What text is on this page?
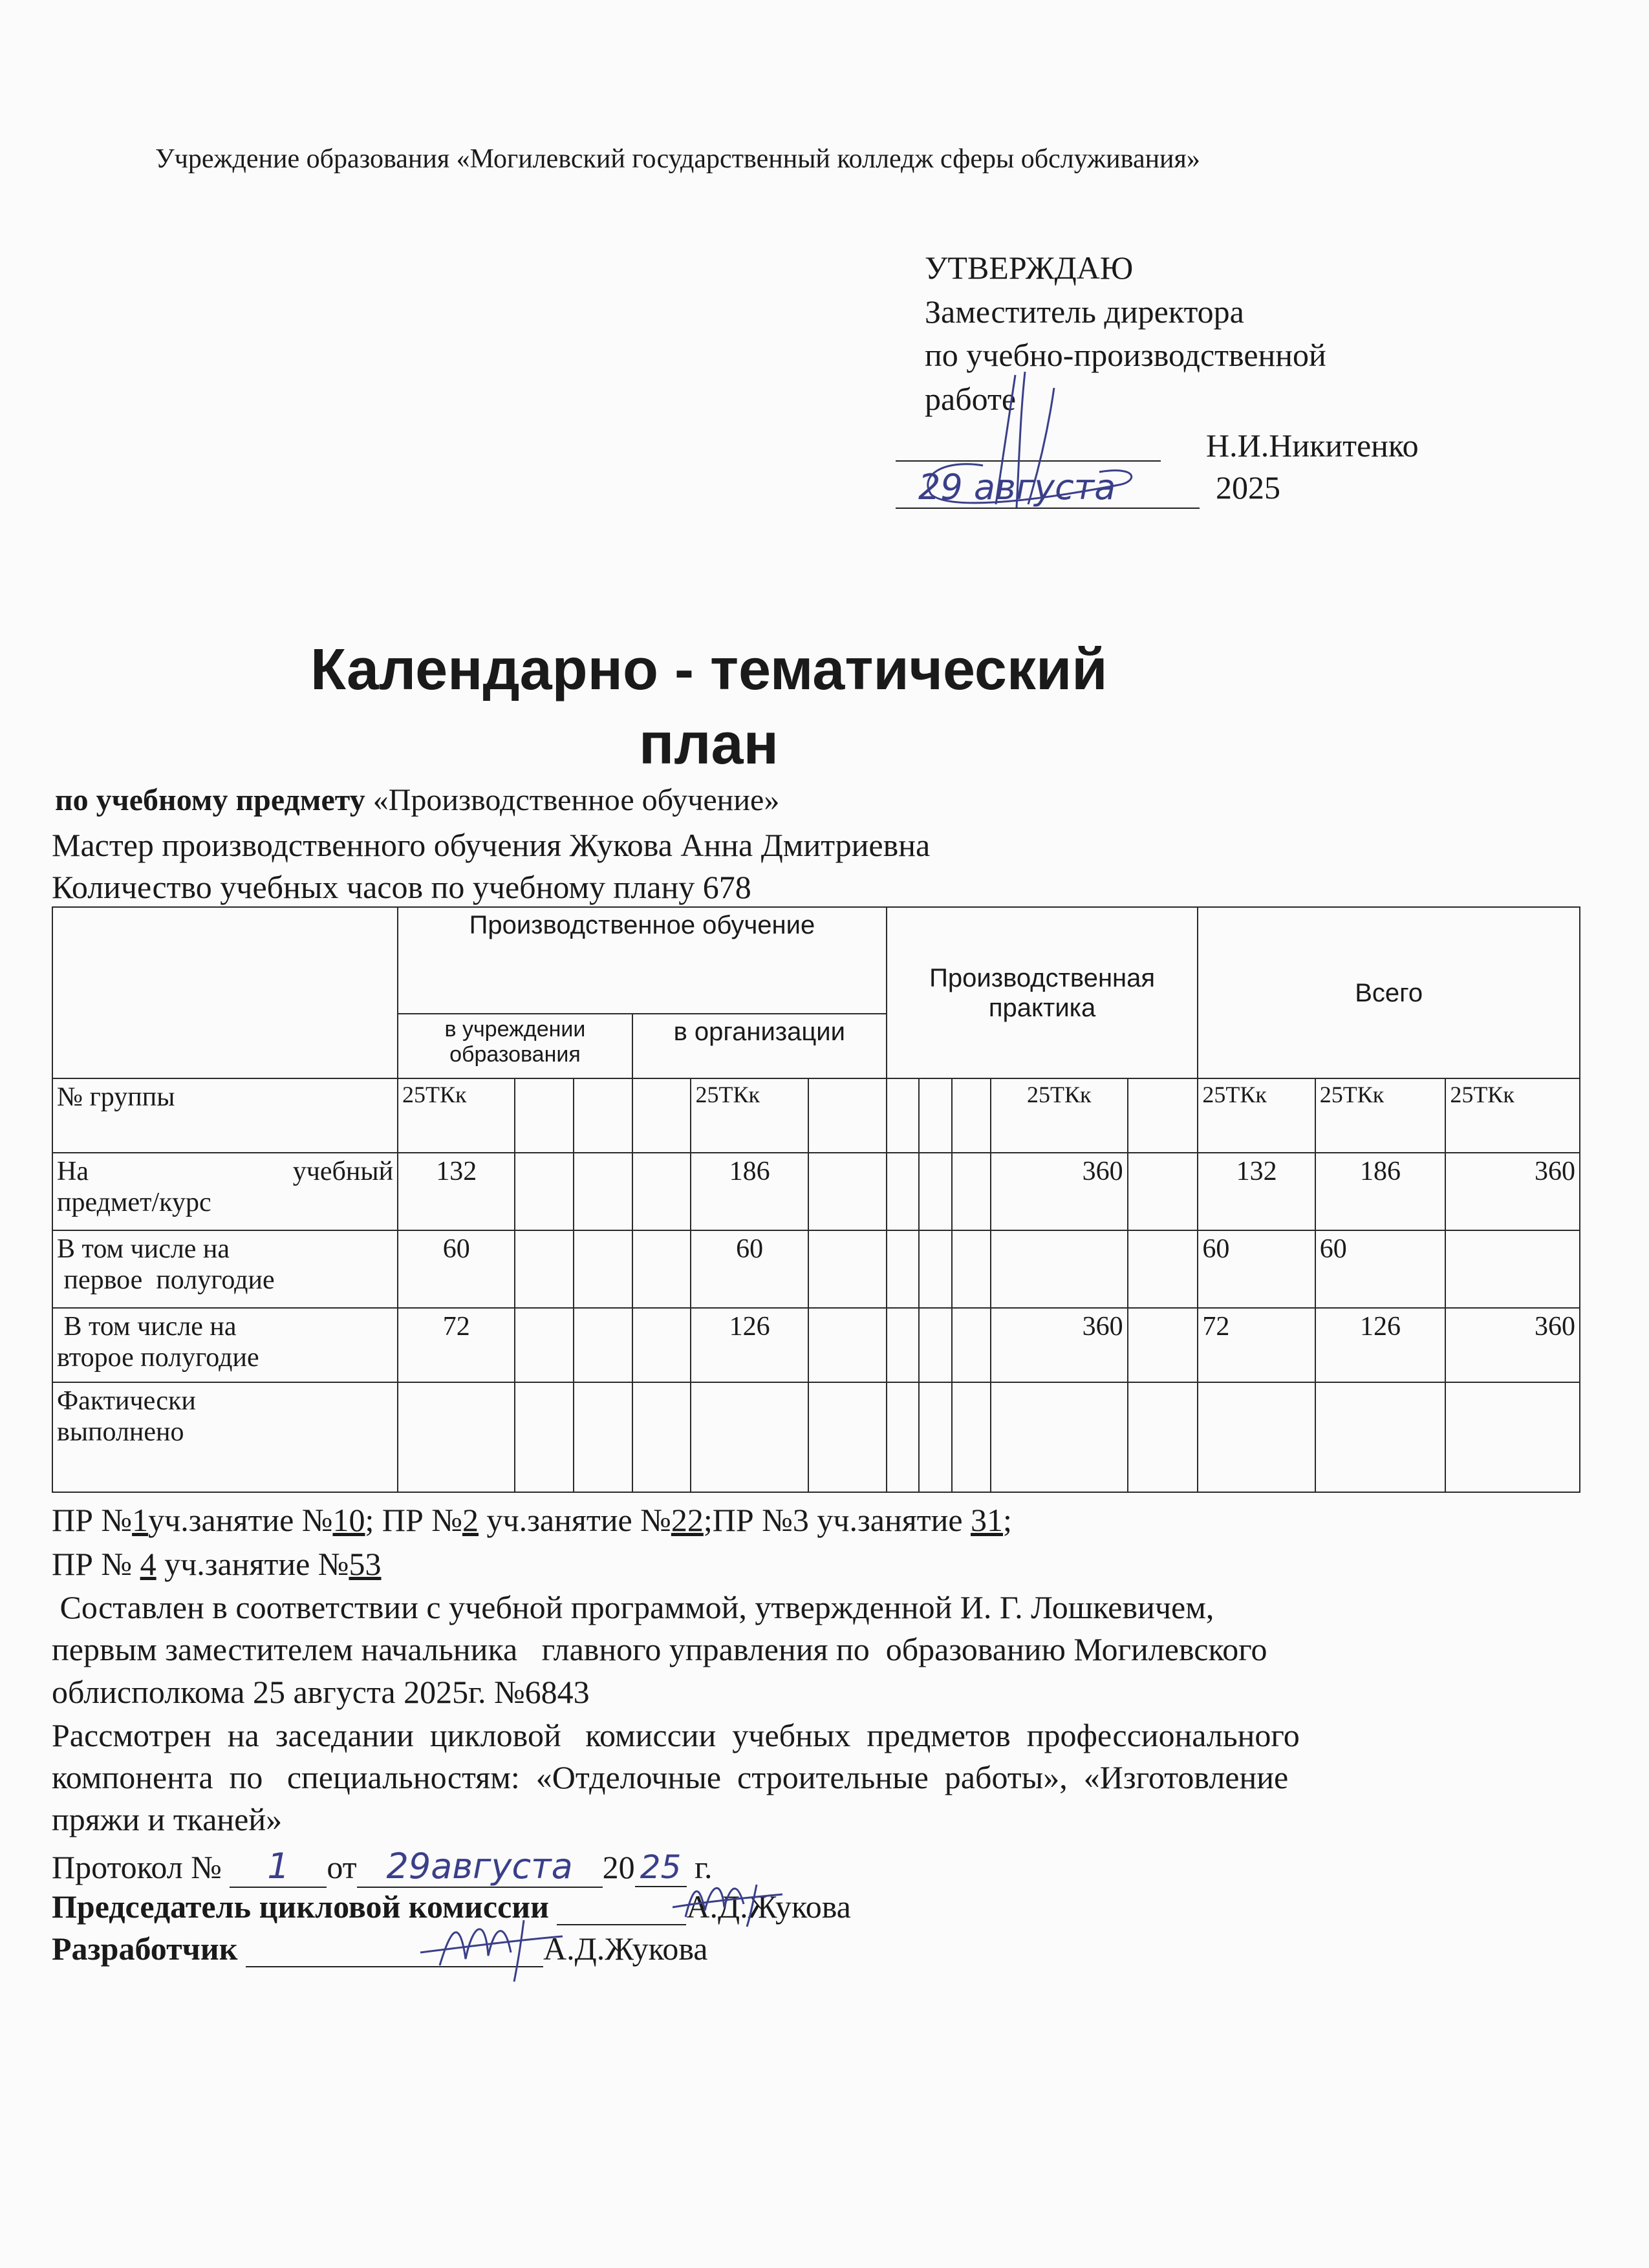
Учреждение образования «Могилевский государственный колледж сферы обслуживания»
УТВЕРЖДАЮ
Заместитель директора
по учебно-производственной
работе
Н.И.Никитенко
29 августа	2025
Календарно - тематический
план
по учебному предмету «Производственное обучение»
Мастер производственного обучения Жукова Анна Дмитриевна
Количество учебных часов по учебному плану 678
	Производственное обучение						Производственная практика					Всего		
	в учреждении образования			в организации										
№ группы	25ТКк				25ТКк					25ТКк		25ТКк	25ТКк	25ТКк

На учебный
предмет/курс	132				186					360		132	186	360

В том числе на
первое  полугодие	60				60							60	60	

В том числе на
второе полугодие	72				126					360		72	126	360

Фактически
выполнено														

ПР №1уч.занятие №10; ПР №2 уч.занятие №22;ПР №3 уч.занятие 31;
ПР № 4 уч.занятие №53
Составлен в соответствии с учебной программой, утвержденной И. Г. Лошкевичем,
первым заместителем начальника   главного управления по  образованию Могилевского
облисполкома 25 августа 2025г. №6843
Рассмотрен  на  заседании  цикловой   комиссии  учебных  предметов  профессионального
компонента  по   специальностям:  «Отделочные  строительные  работы»,  «Изготовление
пряжи и тканей»
Протокол № 1 от 29августа 20 25 г.
Председатель цикловой комиссии	А.Д.Жукова
Разработчик	А.Д.Жукова
